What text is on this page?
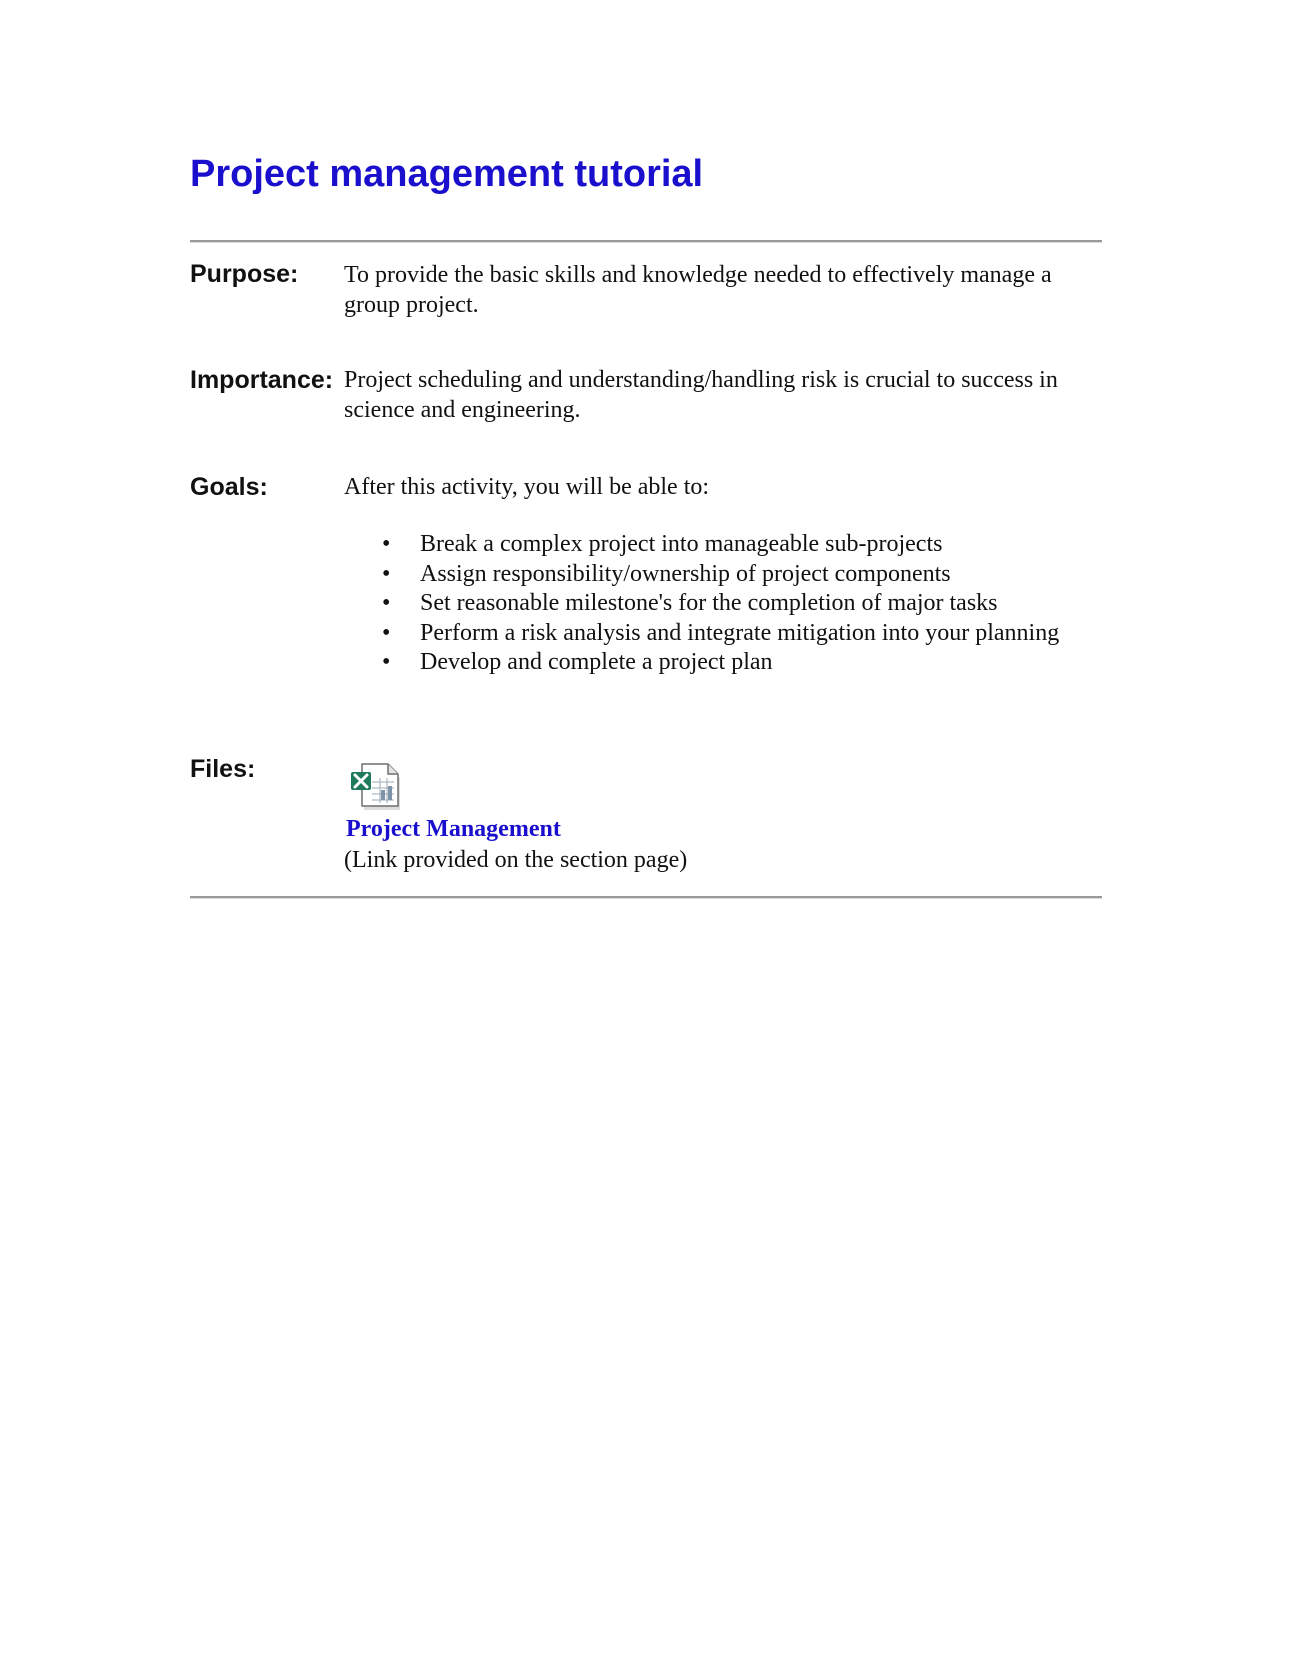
Project management tutorial
Purpose: To provide the basic skills and knowledge needed to effectively manage a group project.
Importance: Project scheduling and understanding/handling risk is crucial to success in science and engineering.
Goals:	After this activity, you will be able to:
• Break a complex project into manageable sub-projects
• Assign responsibility/ownership of project components
• Set reasonable milestone's for the completion of major tasks
• Perform a risk analysis and integrate mitigation into your planning
• Develop and complete a project plan
Files:
Project Management
(Link provided on the section page)
